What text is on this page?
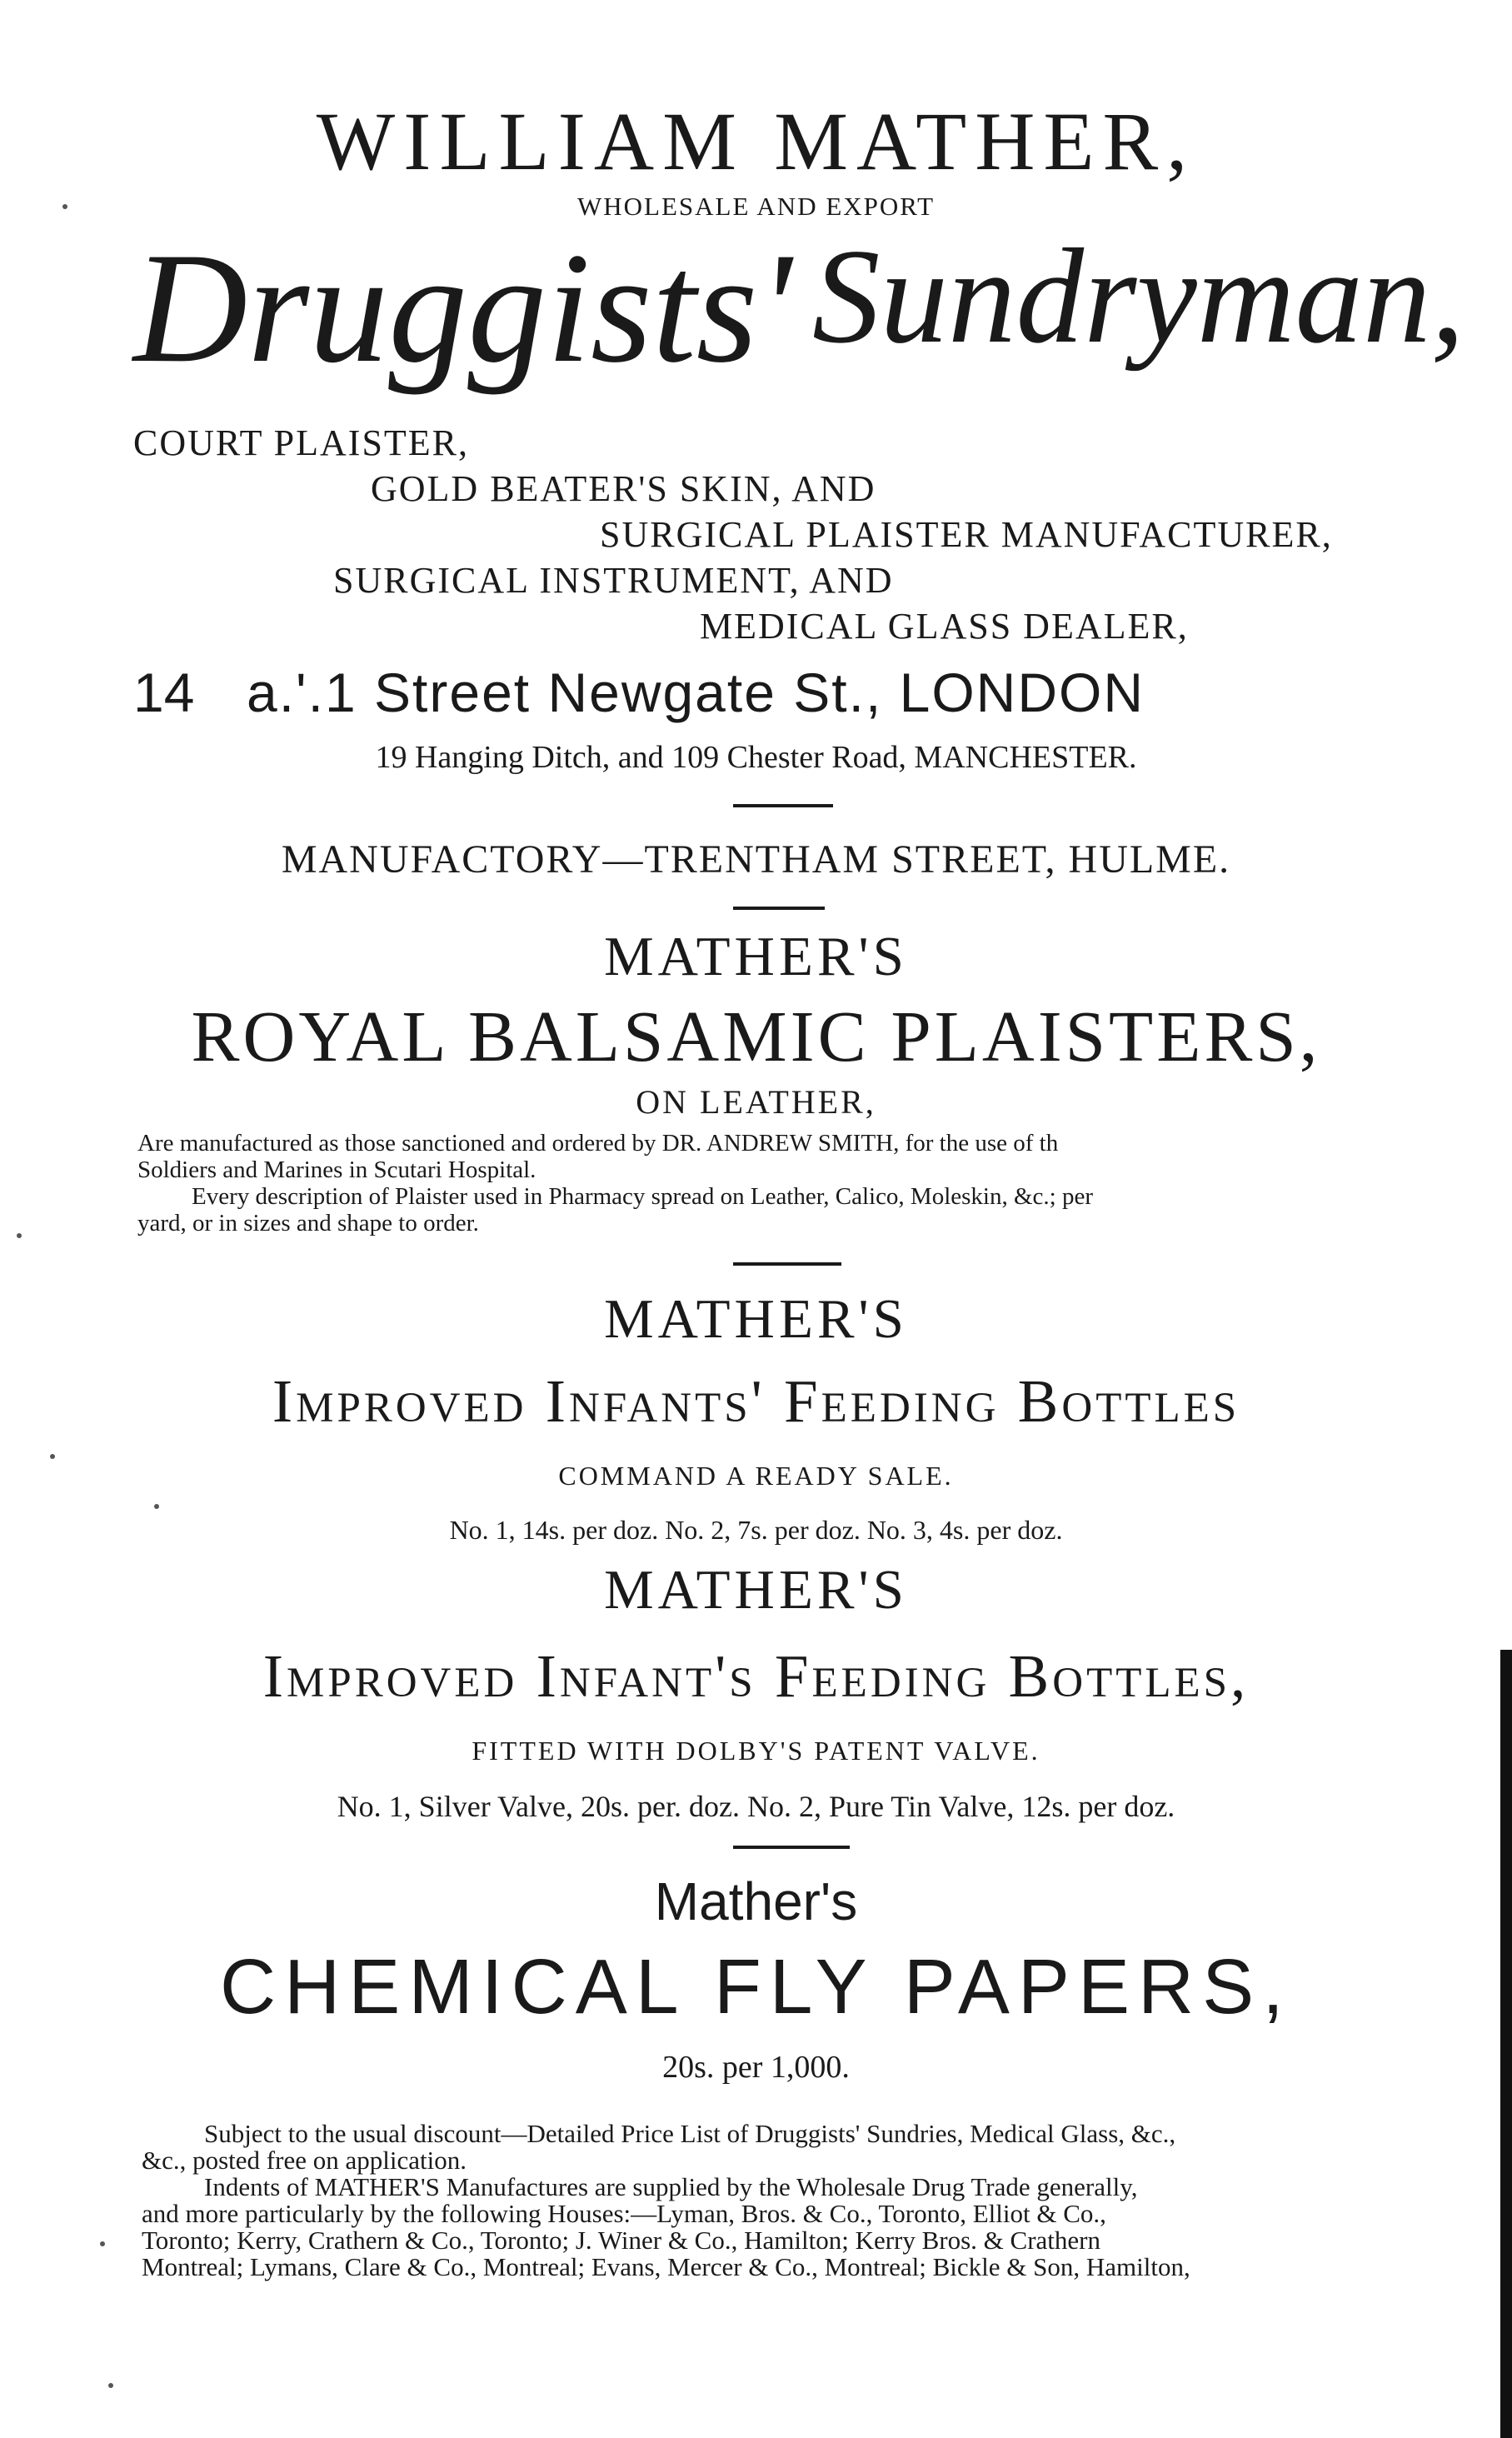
WILLIAM MATHER,
WHOLESALE AND EXPORT
Druggists' Sundryman,
COURT PLAISTER,
GOLD BEATER'S SKIN, AND
SURGICAL PLAISTER MANUFACTURER,
SURGICAL INSTRUMENT, AND
MEDICAL GLASS DEALER,
14 a.'.1 Street Newgate St., LONDON
19 Hanging Ditch, and 109 Chester Road, MANCHESTER.
MANUFACTORY—TRENTHAM STREET, HULME.
MATHER'S
ROYAL BALSAMIC PLAISTERS,
ON LEATHER,
Are manufactured as those sanctioned and ordered by DR. ANDREW SMITH, for the use of th
Soldiers and Marines in Scutari Hospital.
Every description of Plaister used in Pharmacy spread on Leather, Calico, Moleskin, &c.; per
yard, or in sizes and shape to order.
MATHER'S
Improved Infants' Feeding Bottles
COMMAND A READY SALE.
No. 1, 14s. per doz. No. 2, 7s. per doz. No. 3, 4s. per doz.
MATHER'S
Improved Infant's Feeding Bottles,
FITTED WITH DOLBY'S PATENT VALVE.
No. 1, Silver Valve, 20s. per. doz. No. 2, Pure Tin Valve, 12s. per doz.
Mather's
CHEMICAL FLY PAPERS,
20s. per 1,000.
Subject to the usual discount—Detailed Price List of Druggists' Sundries, Medical Glass, &c.,
&c., posted free on application.
Indents of MATHER'S Manufactures are supplied by the Wholesale Drug Trade generally,
and more particularly by the following Houses:—Lyman, Bros. & Co., Toronto, Elliot & Co.,
Toronto; Kerry, Crathern & Co., Toronto; J. Winer & Co., Hamilton; Kerry Bros. & Crathern
Montreal; Lymans, Clare & Co., Montreal; Evans, Mercer & Co., Montreal; Bickle & Son, Hamilton,
